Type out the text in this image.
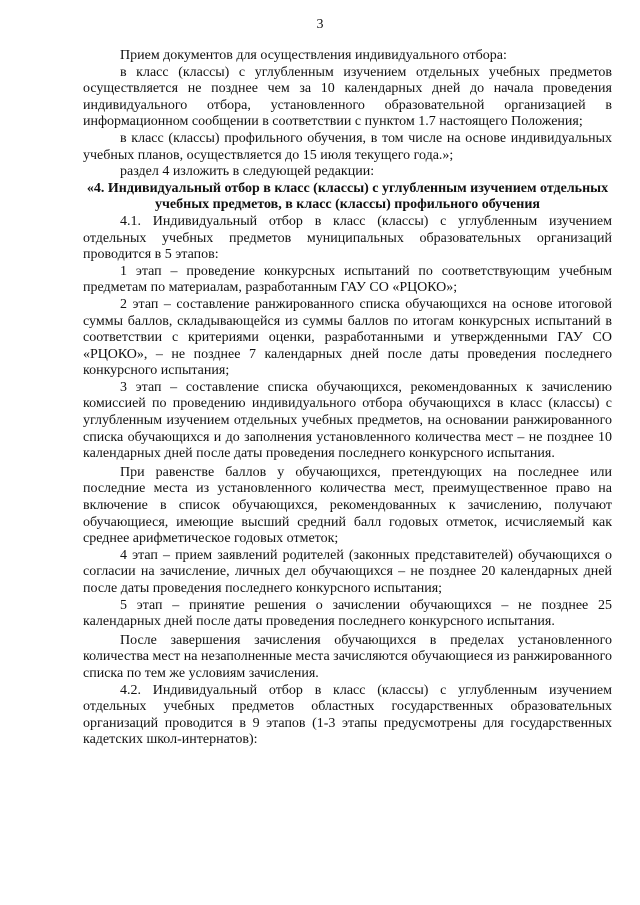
3

Прием документов для осуществления индивидуального отбора:

в класс (классы) с углубленным изучением отдельных учебных предметов осуществляется не позднее чем за 10 календарных дней до начала проведения индивидуального отбора, установленного образовательной организацией в информационном сообщении в соответствии с пунктом 1.7 настоящего Положения;

в класс (классы) профильного обучения, в том числе на основе индивидуальных учебных планов, осуществляется до 15 июля текущего года.»;

раздел 4 изложить в следующей редакции:

«4. Индивидуальный отбор в класс (классы) с углубленным изучением отдельных учебных предметов, в класс (классы) профильного обучения

4.1. Индивидуальный отбор в класс (классы) с углубленным изучением отдельных учебных предметов муниципальных образовательных организаций проводится в 5 этапов:

1 этап – проведение конкурсных испытаний по соответствующим учебным предметам по материалам, разработанным ГАУ СО «РЦОКО»;

2 этап – составление ранжированного списка обучающихся на основе итоговой суммы баллов, складывающейся из суммы баллов по итогам конкурсных испытаний в соответствии с критериями оценки, разработанными и утвержденными ГАУ СО «РЦОКО», – не позднее 7 календарных дней после даты проведения последнего конкурсного испытания;

3 этап – составление списка обучающихся, рекомендованных к зачислению комиссией по проведению индивидуального отбора обучающихся в класс (классы) с углубленным изучением отдельных учебных предметов, на основании ранжированного списка обучающихся и до заполнения установленного количества мест – не позднее 10 календарных дней после даты проведения последнего конкурсного испытания.

При равенстве баллов у обучающихся, претендующих на последнее или последние места из установленного количества мест, преимущественное право на включение в список обучающихся, рекомендованных к зачислению, получают обучающиеся, имеющие высший средний балл годовых отметок, исчисляемый как среднее арифметическое годовых отметок;

4 этап – прием заявлений родителей (законных представителей) обучающихся о согласии на зачисление, личных дел обучающихся – не позднее 20 календарных дней после даты проведения последнего конкурсного испытания;

5 этап – принятие решения о зачислении обучающихся – не позднее 25 календарных дней после даты проведения последнего конкурсного испытания.

После завершения зачисления обучающихся в пределах установленного количества мест на незаполненные места зачисляются обучающиеся из ранжированного списка по тем же условиям зачисления.

4.2. Индивидуальный отбор в класс (классы) с углубленным изучением отдельных учебных предметов областных государственных образовательных организаций проводится в 9 этапов (1-3 этапы предусмотрены для государственных кадетских школ-интернатов):
